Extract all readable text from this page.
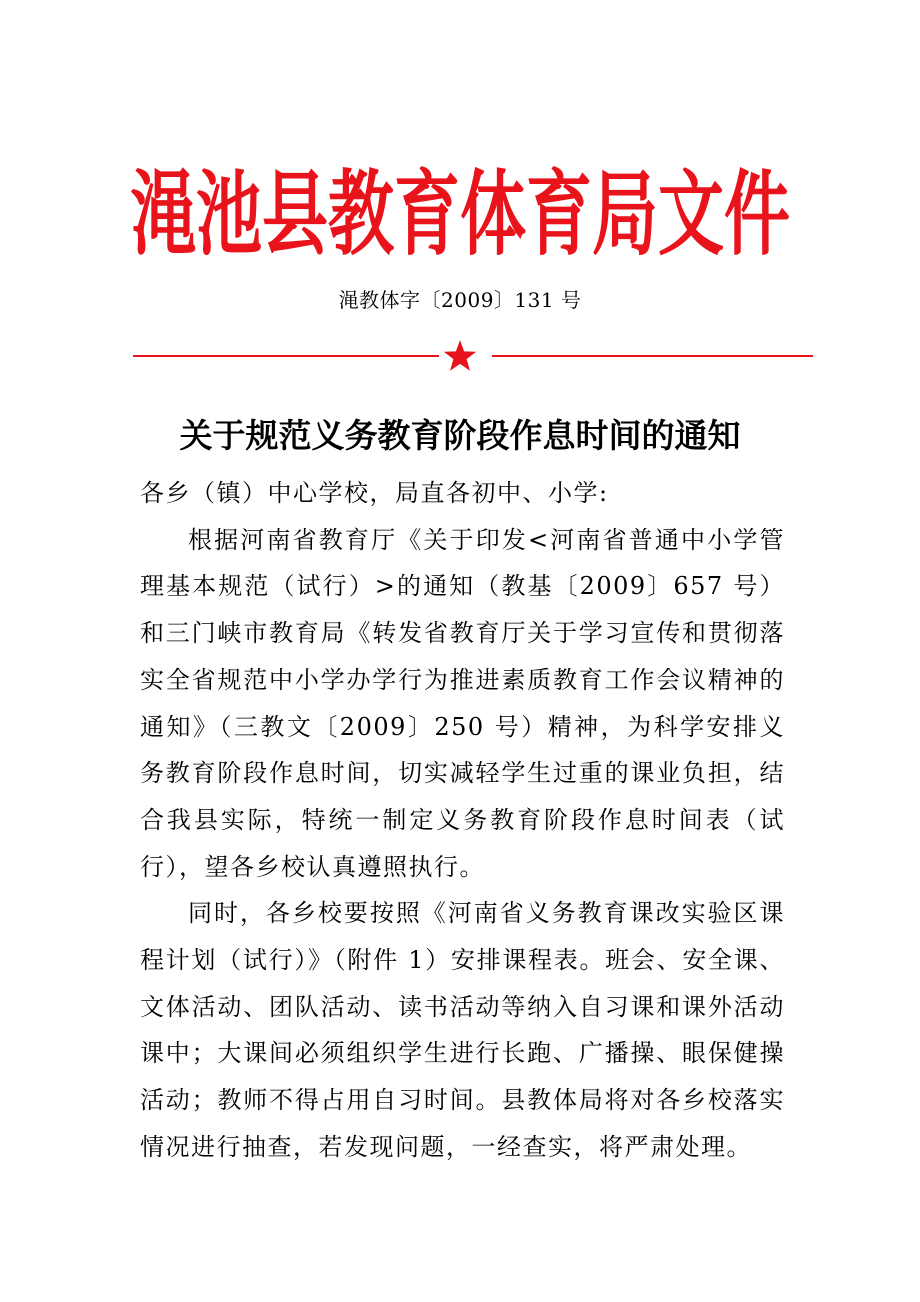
渑池县教育体育局文件
渑教体字〔2009〕131 号
关于规范义务教育阶段作息时间的通知

各乡（镇）中心学校，局直各初中、小学:

根据河南省教育厅《关于印发<河南省普通中小学管理基本规范（试行）>的通知（教基〔2009〕657 号）和三门峡市教育局《转发省教育厅关于学习宣传和贯彻落实全省规范中小学办学行为推进素质教育工作会议精神的通知》（三教文〔2009〕250 号）精神，为科学安排义务教育阶段作息时间，切实减轻学生过重的课业负担，结合我县实际，特统一制定义务教育阶段作息时间表（试行），望各乡校认真遵照执行。

同时，各乡校要按照《河南省义务教育课改实验区课程计划（试行）》（附件 1）安排课程表。班会、安全课、文体活动、团队活动、读书活动等纳入自习课和课外活动课中；大课间必须组织学生进行长跑、广播操、眼保健操活动；教师不得占用自习时间。县教体局将对各乡校落实情况进行抽查，若发现问题，一经查实，将严肃处理。
